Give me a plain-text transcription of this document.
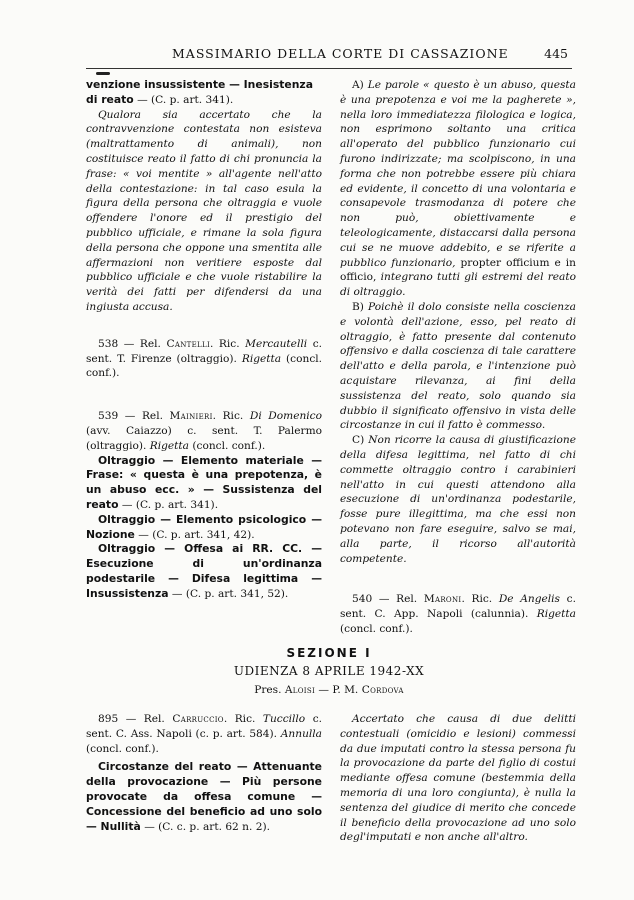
MASSIMARIO DELLA CORTE DI CASSAZIONE	445

venzione insussistente — Inesistenza
di reato — (C. p. art. 341).

Qualora sia accertato che la contravvenzione contestata non esisteva (maltrattamento di animali), non costituisce reato il fatto di chi pronuncia la frase: « voi mentite » all'agente nell'atto della contestazione: in tal caso esula la figura della persona che oltraggia e vuole offendere l'onore ed il prestigio del pubblico ufficiale, e rimane la sola figura della persona che oppone una smentita alle affermazioni non veritiere esposte dal pubblico ufficiale e che vuole ristabilire la verità dei fatti per difendersi da una ingiusta accusa.

538 — Rel. Cantelli. Ric. Mercautelli c. sent. T. Firenze (oltraggio). Rigetta (concl. conf.).

539 — Rel. Mainieri. Ric. Di Domenico (avv. Caiazzo) c. sent. T. Palermo (oltraggio). Rigetta (concl. conf.).

Oltraggio — Elemento materiale — Frase: « questa è una prepotenza, è un abuso ecc. » — Sussistenza del reato — (C. p. art. 341).

Oltraggio — Elemento psicologico — Nozione — (C. p. art. 341, 42).

Oltraggio — Offesa ai RR. CC. — Esecuzione di un'ordinanza podestarile — Difesa legittima — Insussistenza — (C. p. art. 341, 52).

A) Le parole « questo è un abuso, questa è una prepotenza e voi me la pagherete », nella loro immediatezza filologica e logica, non esprimono soltanto una critica all'operato del pubblico funzionario cui furono indirizzate; ma scolpiscono, in una forma che non potrebbe essere più chiara ed evidente, il concetto di una volontaria e consapevole trasmodanza di potere che non può, obiettivamente e teleologicamente, distaccarsi dalla persona cui se ne muove addebito, e se riferite a pubblico funzionario, propter officium e in officio, integrano tutti gli estremi del reato di oltraggio.

B) Poichè il dolo consiste nella coscienza e volontà dell'azione, esso, pel reato di oltraggio, è fatto presente dal contenuto offensivo e dalla coscienza di tale carattere dell'atto e della parola, e l'intenzione può acquistare rilevanza, ai fini della sussistenza del reato, solo quando sia dubbio il significato offensivo in vista delle circostanze in cui il fatto è commesso.

C) Non ricorre la causa di giustificazione della difesa legittima, nel fatto di chi commette oltraggio contro i carabinieri nell'atto in cui questi attendono alla esecuzione di un'ordinanza podestarile, fosse pure illegittima, ma che essi non potevano non fare eseguire, salvo se mai, alla parte, il ricorso all'autorità competente.

540 — Rel. Maroni. Ric. De Angelis c. sent. C. App. Napoli (calunnia). Rigetta (concl. conf.).

SEZIONE I
UDIENZA 8 APRILE 1942-XX
Pres. Aloisi — P. M. Cordova

895 — Rel. Carruccio. Ric. Tuccillo c. sent. C. Ass. Napoli (c. p. art. 584). Annulla (concl. conf.).

Circostanze del reato — Attenuante della provocazione — Più persone provocate da offesa comune — Concessione del beneficio ad uno solo — Nullità — (C. c. p. art. 62 n. 2).

Accertato che causa di due delitti contestuali (omicidio e lesioni) commessi da due imputati contro la stessa persona fu la provocazione da parte del figlio di costui mediante offesa comune (bestemmia della memoria di una loro congiunta), è nulla la sentenza del giudice di merito che concede il beneficio della provocazione ad uno solo degl'imputati e non anche all'altro.
